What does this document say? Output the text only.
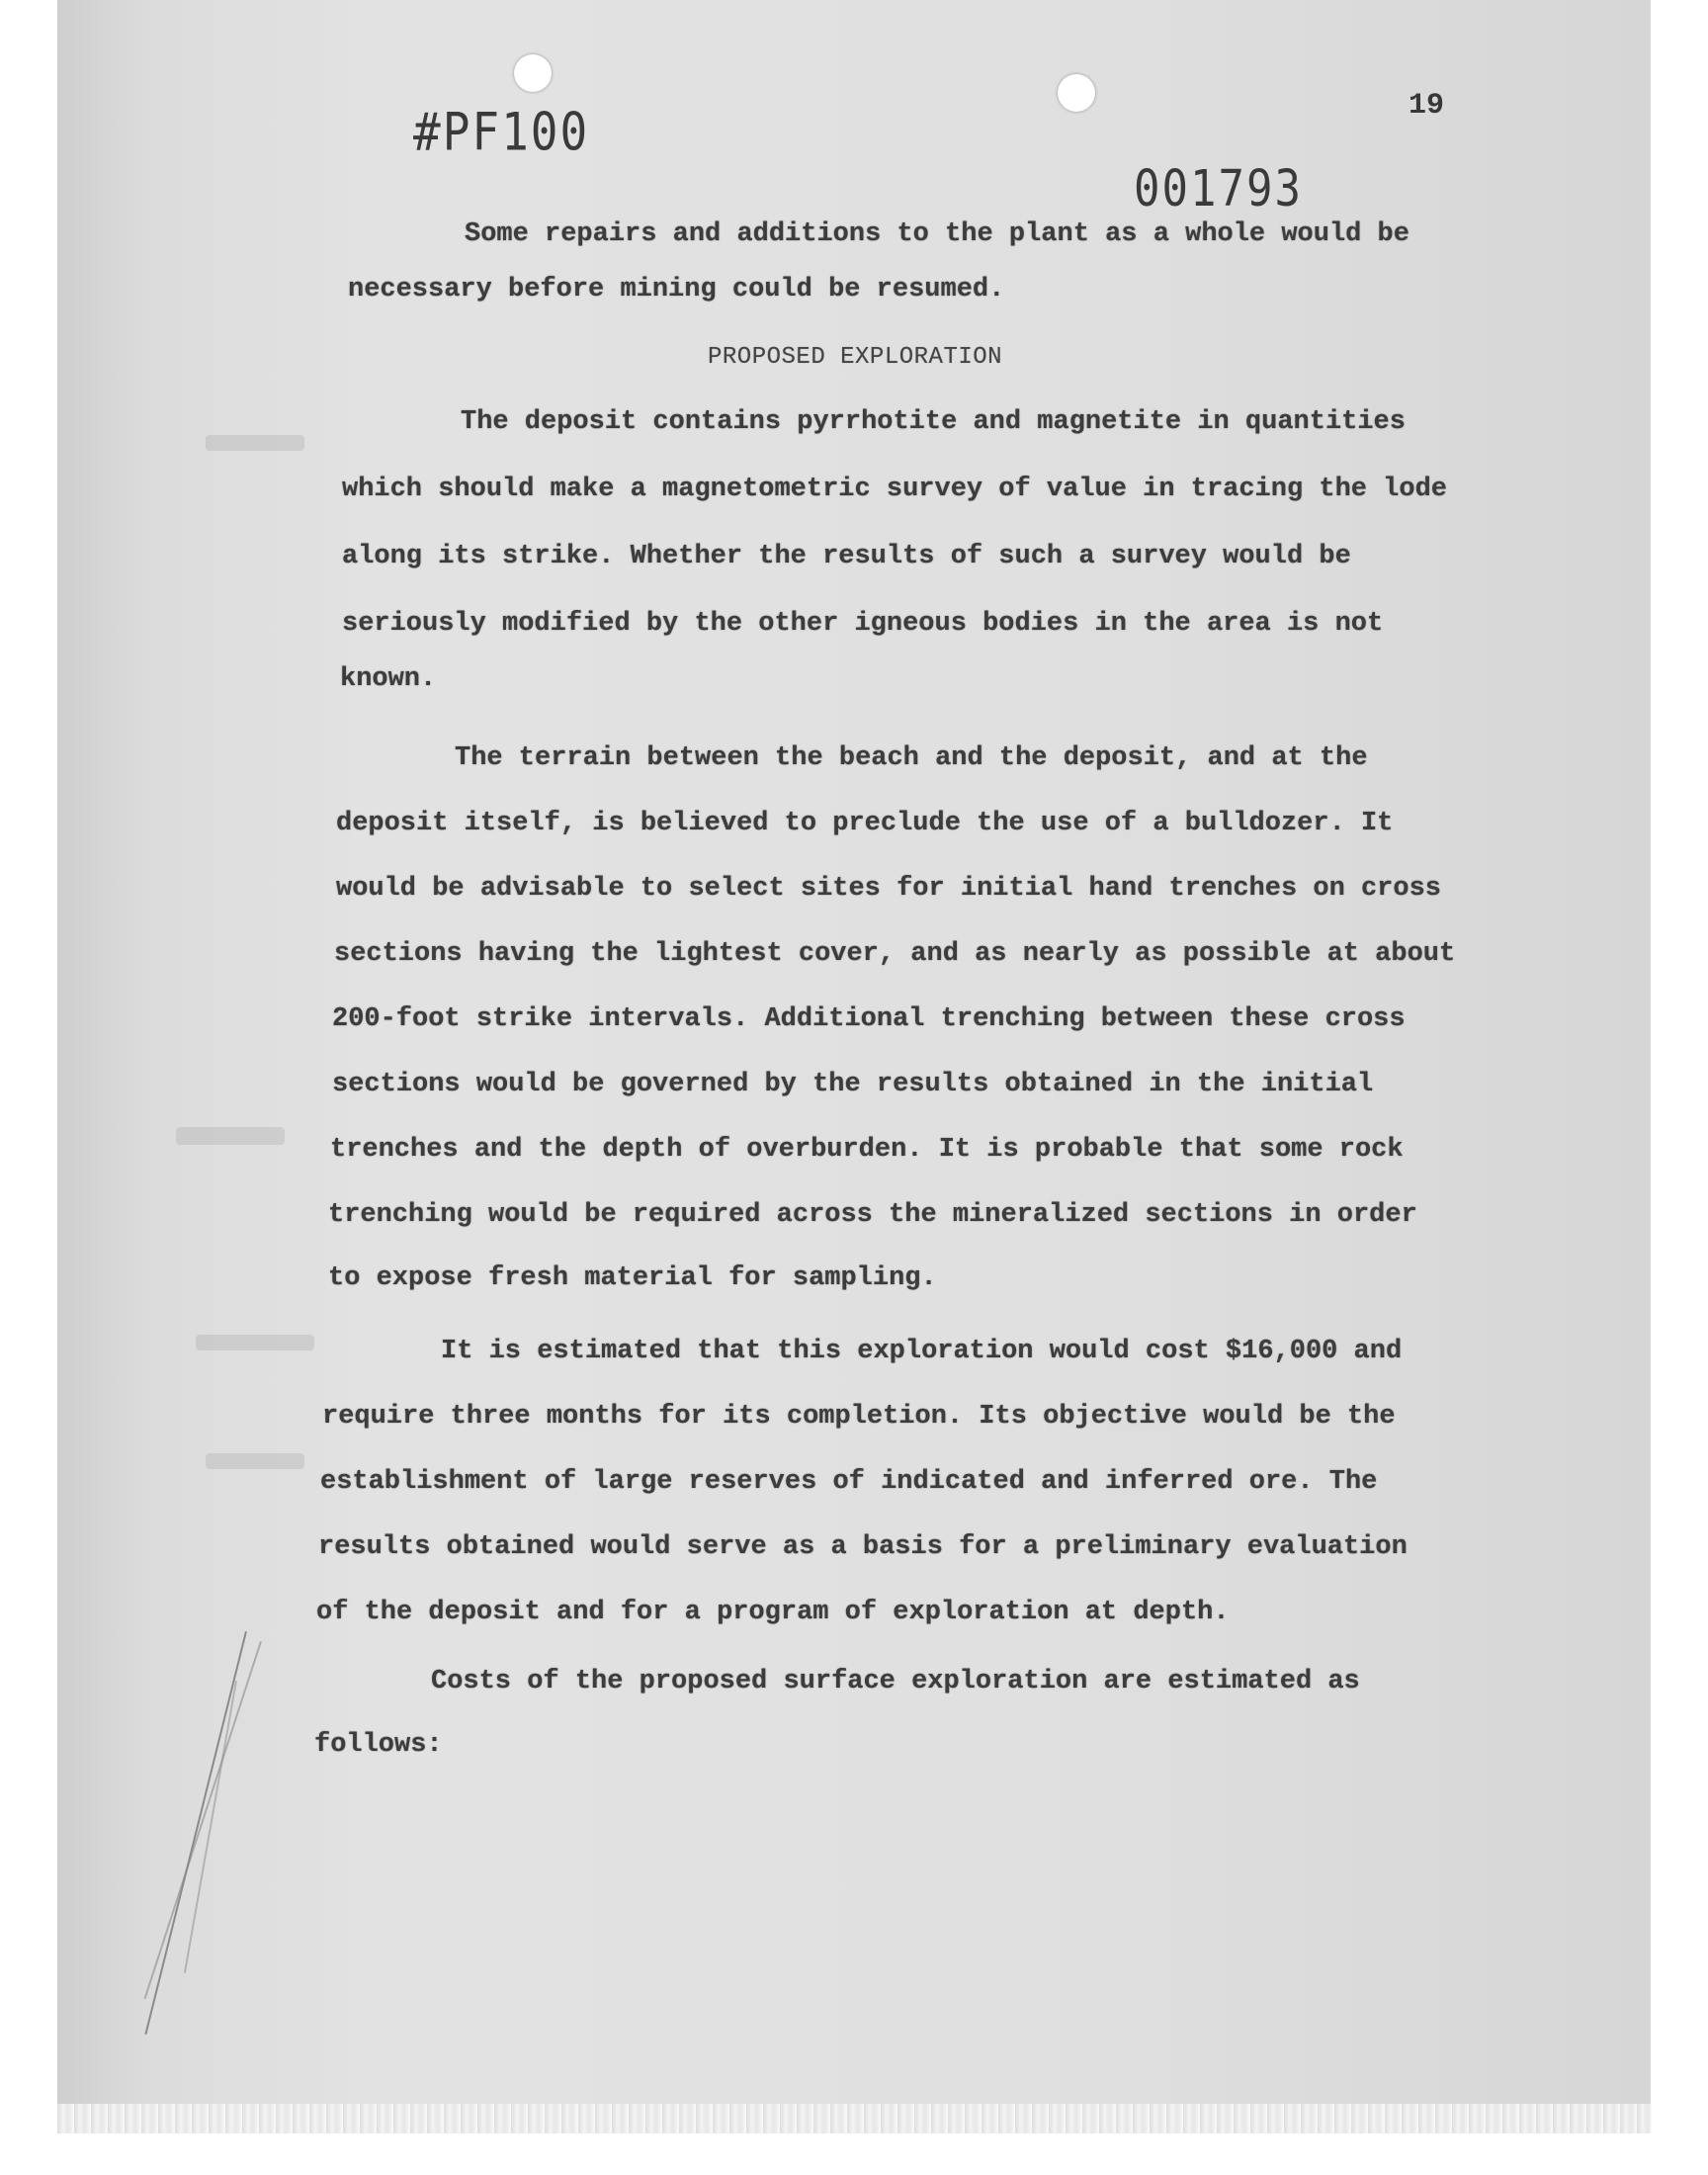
#PF100
001793
19
Some repairs and additions to the plant as a whole would be
necessary before mining could be resumed.
PROPOSED EXPLORATION
The deposit contains pyrrhotite and magnetite in quantities
which should make a magnetometric survey of value in tracing the lode
along its strike. Whether the results of such a survey would be
seriously modified by the other igneous bodies in the area is not
known.
The terrain between the beach and the deposit, and at the
deposit itself, is believed to preclude the use of a bulldozer. It
would be advisable to select sites for initial hand trenches on cross
sections having the lightest cover, and as nearly as possible at about
200-foot strike intervals. Additional trenching between these cross
sections would be governed by the results obtained in the initial
trenches and the depth of overburden. It is probable that some rock
trenching would be required across the mineralized sections in order
to expose fresh material for sampling.
It is estimated that this exploration would cost $16,000 and
require three months for its completion. Its objective would be the
establishment of large reserves of indicated and inferred ore. The
results obtained would serve as a basis for a preliminary evaluation
of the deposit and for a program of exploration at depth.
Costs of the proposed surface exploration are estimated as
follows:
